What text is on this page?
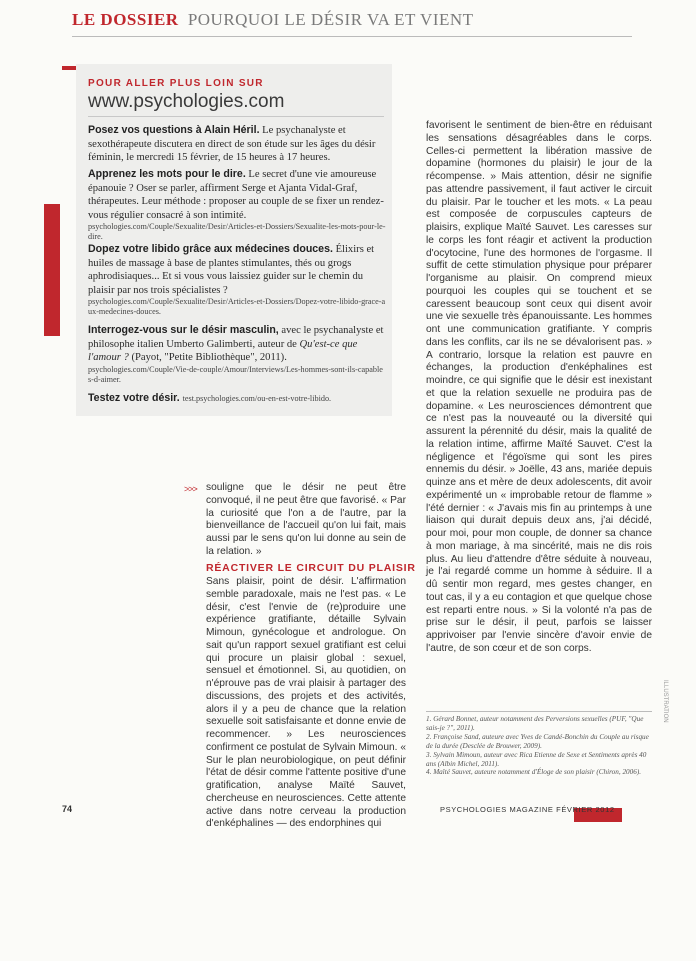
LE DOSSIER POURQUOI LE DÉSIR VA ET VIENT
POUR ALLER PLUS LOIN SUR
www.psychologies.com
Posez vos questions à Alain Héril. Le psychanalyste et sexothérapeute discutera en direct de son étude sur les âges du désir féminin, le mercredi 15 février, de 15 heures à 17 heures.
Apprenez les mots pour le dire. Le secret d'une vie amoureuse épanouie ? Oser se parler, affirment Serge et Ajanta Vidal-Graf, thérapeutes. Leur méthode : proposer au couple de se fixer un rendez-vous régulier consacré à son intimité.
psychologies.com/Couple/Sexualite/Desir/Articles-et-Dossiers/Sexualite-les-mots-pour-le-dire.
Dopez votre libido grâce aux médecines douces. Élixirs et huiles de massage à base de plantes stimulantes, thés ou grogs aphrodisiaques... Et si vous vous laissiez guider sur le chemin du plaisir par nos trois spécialistes ?
psychologies.com/Couple/Sexualite/Desir/Articles-et-Dossiers/Dopez-votre-libido-grace-aux-medecines-douces.
Interrogez-vous sur le désir masculin, avec le psychanalyste et philosophe italien Umberto Galimberti, auteur de Qu'est-ce que l'amour ? (Payot, "Petite Bibliothèque", 2011).
psychologies.com/Couple/Vie-de-couple/Amour/Interviews/Les-hommes-sont-ils-capables-d-aimer.
Testez votre désir. test.psychologies.com/ou-en-est-votre-libido.
favorisent le sentiment de bien-être en réduisant les sensations désagréables dans le corps. Celles-ci permettent la libération massive de dopamine (hormones du plaisir) le jour de la récompense. » Mais attention, désir ne signifie pas attendre passivement, il faut activer le circuit du plaisir. Par le toucher et les mots. « La peau est composée de corpuscules capteurs de plaisirs, explique Maïté Sauvet. Les caresses sur le corps les font réagir et activent la production d'ocytocine, l'une des hormones de l'orgasme. Il suffit de cette stimulation physique pour préparer l'organisme au plaisir. On comprend mieux pourquoi les couples qui se touchent et se caressent beaucoup sont ceux qui disent avoir une vie sexuelle très épanouissante. Les hommes ont une communication gratifiante. Y compris dans les conflits, car ils ne se dévalorisent pas. » A contrario, lorsque la relation est pauvre en échanges, la production d'enképhalines est moindre, ce qui signifie que le désir est inexistant et que la relation sexuelle ne produira pas de dopamine. « Les neurosciences démontrent que ce n'est pas la nouveauté ou la diversité qui assurent la pérennité du désir, mais la qualité de la relation intime, affirme Maïté Sauvet. C'est la négligence et l'égoïsme qui sont les pires ennemis du désir. » Joëlle, 43 ans, mariée depuis quinze ans et mère de deux adolescents, dit avoir expérimenté un « improbable retour de flamme » l'été dernier : « J'avais mis fin au printemps à une liaison qui durait depuis deux ans, j'ai décidé, pour moi, pour mon couple, de donner sa chance à mon mariage, à ma sincérité, mais ne dis rois plus. Au lieu d'attendre d'être séduite à nouveau, je l'ai regardé comme un homme à séduire. Il a dû sentir mon regard, mes gestes changer, en tout cas, il y a eu contagion et que quelque chose est reparti entre nous. » Si la volonté n'a pas de prise sur le désir, il peut, parfois se laisser apprivoiser par l'envie sincère d'avoir envie de l'autre, de son cœur et de son corps.
>>> souligne que le désir ne peut être convoqué, il ne peut être que favorisé. « Par la curiosité que l'on a de l'autre, par la bienveillance de l'accueil qu'on lui fait, mais aussi par le sens qu'on lui donne au sein de la relation. »
RÉACTIVER LE CIRCUIT DU PLAISIR
Sans plaisir, point de désir. L'affirmation semble paradoxale, mais ne l'est pas. « Le désir, c'est l'envie de (re)produire une expérience gratifiante, détaille Sylvain Mimoun, gynécologue et andrologue. On sait qu'un rapport sexuel gratifiant est celui qui procure un plaisir global : sexuel, sensuel et émotionnel. Si, au quotidien, on n'éprouve pas de vrai plaisir à partager des discussions, des projets et des activités, alors il y a peu de chance que la relation sexuelle soit satisfaisante et donne envie de recommencer. » Les neurosciences confirment ce postulat de Sylvain Mimoun. « Sur le plan neurobiologique, on peut définir l'état de désir comme l'attente positive d'une gratification, analyse Maïté Sauvet, chercheuse en neurosciences. Cette attente active dans notre cerveau la production d'enképhalines — des endorphines qui

1. Gérard Bonnet, auteur notamment des Perversions sexuelles (PUF, "Que sais-je ?", 2011).

2. Françoise Sand, auteure avec Yves de Candé-Bonchin du Couple au risque de la durée (Desclée de Brouwer, 2009).

3. Sylvain Mimoun, auteur avec Rica Etienne de Sexe et Sentiments après 40 ans (Albin Michel, 2011).

4. Maïté Sauvet, auteure notamment d'Éloge de son plaisir (Chiron, 2006).

ILLUSTRATION
74	PSYCHOLOGIES MAGAZINE FÉVRIER 2012
